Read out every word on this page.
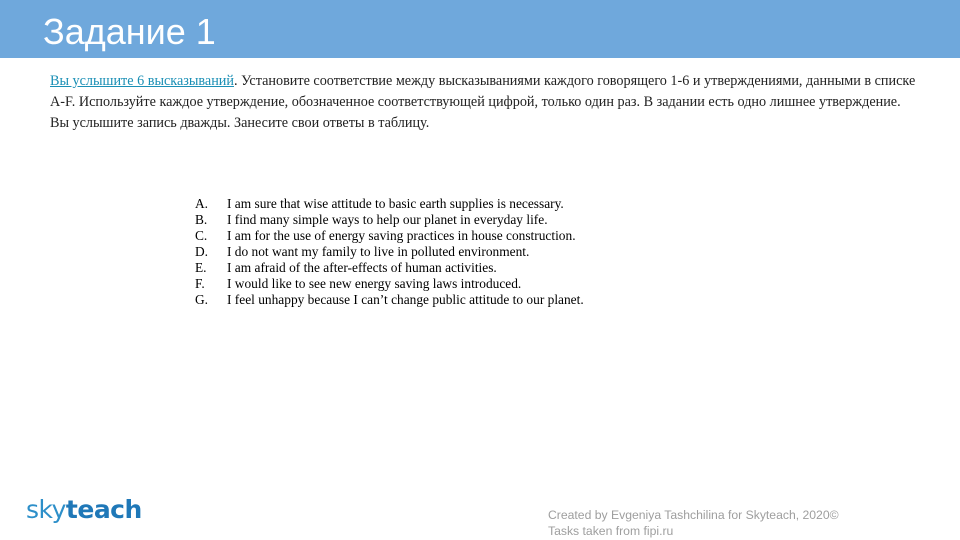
Задание 1
Вы услышите 6 высказываний. Установите соответствие между высказываниями каждого говорящего 1-6 и утверждениями, данными в списке A-F. Используйте каждое утверждение, обозначенное соответствующей цифрой, только один раз. В задании есть одно лишнее утверждение. Вы услышите запись дважды. Занесите свои ответы в таблицу.
A.	I am sure that wise attitude to basic earth supplies is necessary.
B.	I find many simple ways to help our planet in everyday life.
C.	I am for the use of energy saving practices in house construction.
D.	I do not want my family to live in polluted environment.
E.	I am afraid of the after-effects of human activities.
F.	I would like to see new energy saving laws introduced.
G.	I feel unhappy because I can’t change public attitude to our planet.
skyteach	Created by Evgeniya Tashchilina for Skyteach, 2020©
Tasks taken from fipi.ru
